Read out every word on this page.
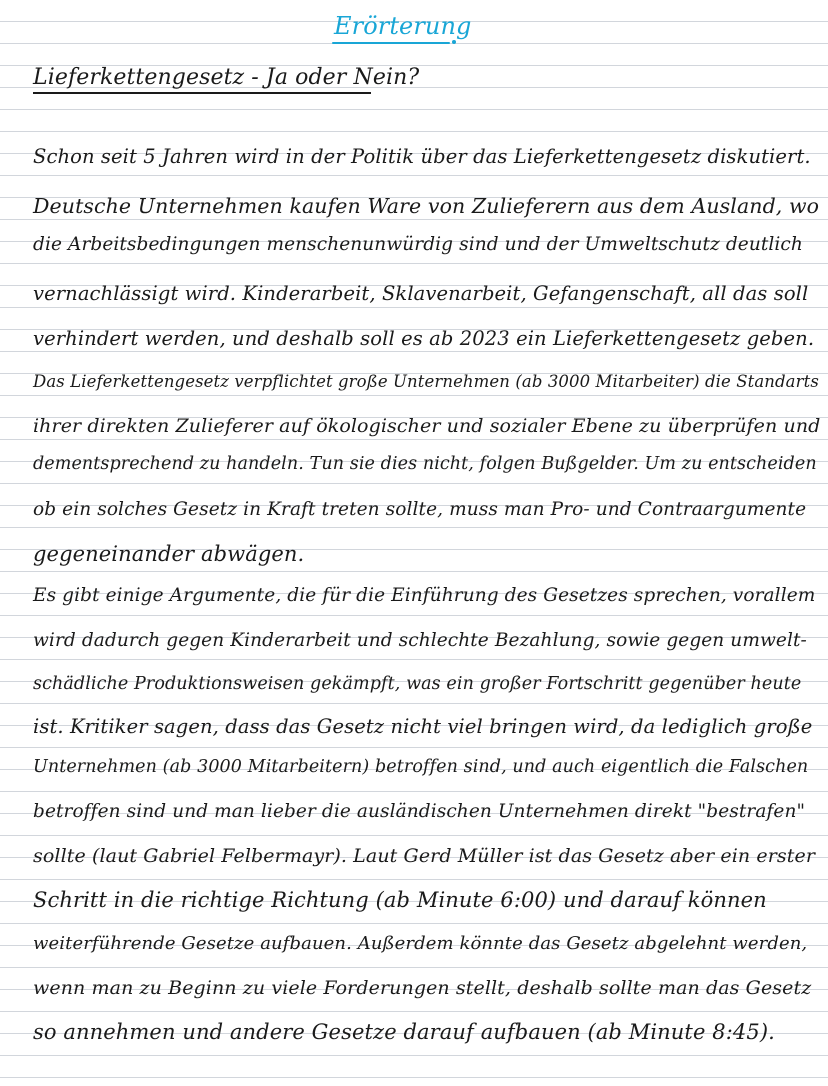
Erörterung
Lieferkettengesetz - Ja oder Nein?
Schon seit 5 Jahren wird in der Politik über das Lieferkettengesetz diskutiert.
Deutsche Unternehmen kaufen Ware von Zulieferern aus dem Ausland, wo
die Arbeitsbedingungen menschenunwürdig sind und der Umweltschutz deutlich
vernachlässigt wird. Kinderarbeit, Sklavenarbeit, Gefangenschaft, all das soll
verhindert werden, und deshalb soll es ab 2023 ein Lieferkettengesetz geben.
Das Lieferkettengesetz verpflichtet große Unternehmen (ab 3000 Mitarbeiter) die Standarts
ihrer direkten Zulieferer auf ökologischer und sozialer Ebene zu überprüfen und
dementsprechend zu handeln. Tun sie dies nicht, folgen Bußgelder. Um zu entscheiden
ob ein solches Gesetz in Kraft treten sollte, muss man Pro- und Contraargumente
gegeneinander abwägen.
Es gibt einige Argumente, die für die Einführung des Gesetzes sprechen, vorallem
wird dadurch gegen Kinderarbeit und schlechte Bezahlung, sowie gegen umwelt-
schädliche Produktionsweisen gekämpft, was ein großer Fortschritt gegenüber heute
ist. Kritiker sagen, dass das Gesetz nicht viel bringen wird, da lediglich große
Unternehmen (ab 3000 Mitarbeitern) betroffen sind, und auch eigentlich die Falschen
betroffen sind und man lieber die ausländischen Unternehmen direkt "bestrafen"
sollte (laut Gabriel Felbermayr). Laut Gerd Müller ist das Gesetz aber ein erster
Schritt in die richtige Richtung (ab Minute 6:00) und darauf können
weiterführende Gesetze aufbauen. Außerdem könnte das Gesetz abgelehnt werden,
wenn man zu Beginn zu viele Forderungen stellt, deshalb sollte man das Gesetz
so annehmen und andere Gesetze darauf aufbauen (ab Minute 8:45).
